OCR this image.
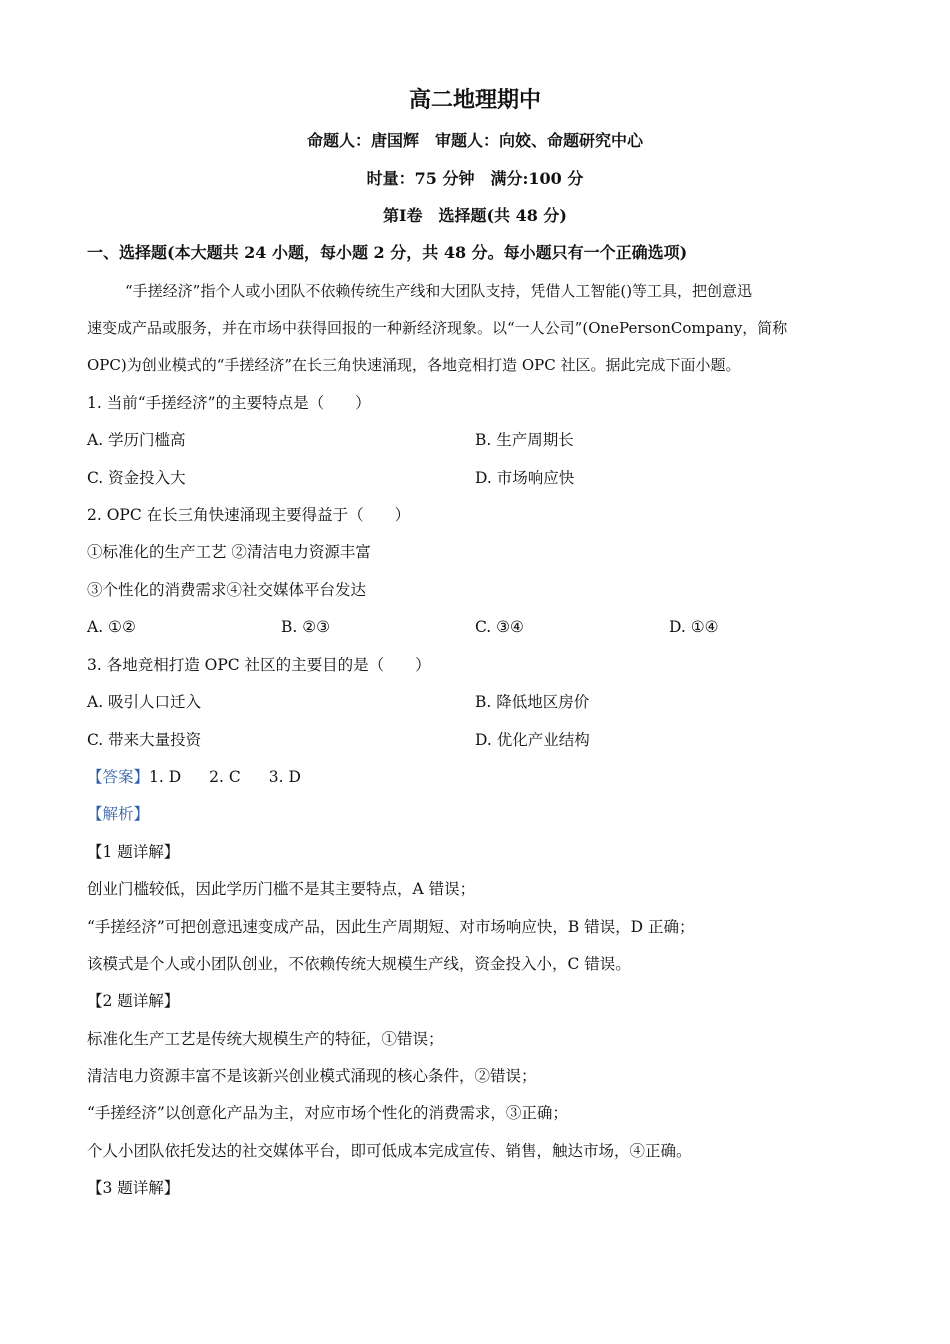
高二地理期中
命题人：唐国辉　审题人：向姣、命题研究中心
时量：75 分钟　满分:100 分
第Ⅰ卷　选择题(共 48 分)
一、选择题(本大题共 24 小题，每小题 2 分，共 48 分。每小题只有一个正确选项)
“手搓经济”指个人或小团队不依赖传统生产线和大团队支持，凭借人工智能()等工具，把创意迅
速变成产品或服务，并在市场中获得回报的一种新经济现象。以“一人公司”(OnePersonCompany，简称
OPC)为创业模式的“手搓经济”在长三角快速涌现，各地竞相打造 OPC 社区。据此完成下面小题。
1. 当前“手搓经济”的主要特点是（　　）
A. 学历门槛高	B. 生产周期长
C. 资金投入大	D. 市场响应快
2. OPC 在长三角快速涌现主要得益于（　　）
①标准化的生产工艺 ②清洁电力资源丰富
③个性化的消费需求④社交媒体平台发达
A. ①②	B. ②③	C. ③④	D. ①④
3. 各地竞相打造 OPC 社区的主要目的是（　　）
A. 吸引人口迁入	B. 降低地区房价
C. 带来大量投资	D. 优化产业结构
【答案】1. D 2. C 3. D
【解析】
【1 题详解】
创业门槛较低，因此学历门槛不是其主要特点，A 错误；
“手搓经济”可把创意迅速变成产品，因此生产周期短、对市场响应快，B 错误，D 正确；
该模式是个人或小团队创业，不依赖传统大规模生产线，资金投入小，C 错误。
【2 题详解】
标准化生产工艺是传统大规模生产的特征，①错误；
清洁电力资源丰富不是该新兴创业模式涌现的核心条件，②错误；
“手搓经济”以创意化产品为主，对应市场个性化的消费需求，③正确；
个人小团队依托发达的社交媒体平台，即可低成本完成宣传、销售，触达市场，④正确。
【3 题详解】
